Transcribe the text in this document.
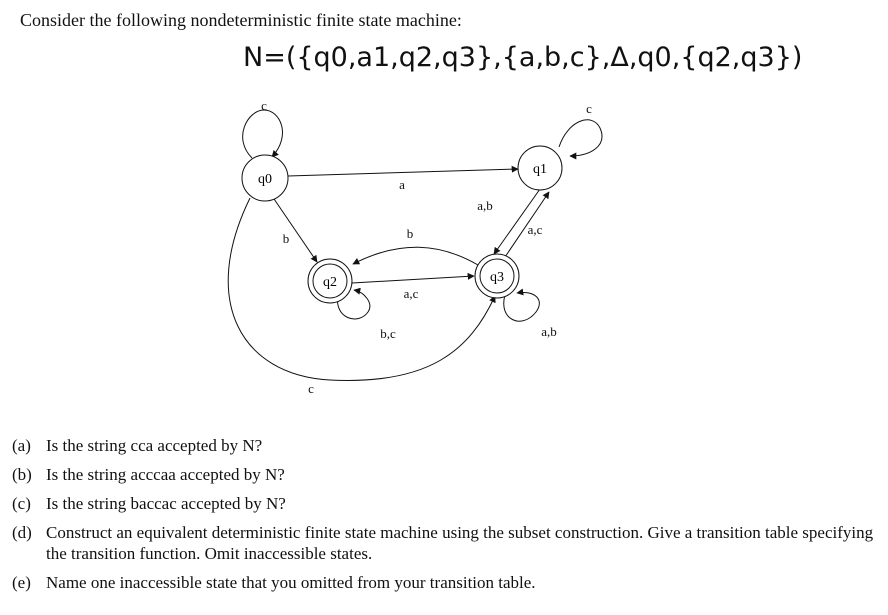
Consider the following nondeterministic finite state machine:
N=({q0,a1,q2,q3},{a,b,c},Δ,q0,{q2,q3})
q0
q1
q2	q3
c	c
a
b
c
a,b
a,c
b
a,c
b,c	a,b
(a) Is the string cca accepted by N?
(b) Is the string acccaa accepted by N?
(c) Is the string baccac accepted by N?
(d) Construct an equivalent deterministic finite state machine using the subset construction. Give a transition table specifying the transition function. Omit inaccessible states.
(e) Name one inaccessible state that you omitted from your transition table.
